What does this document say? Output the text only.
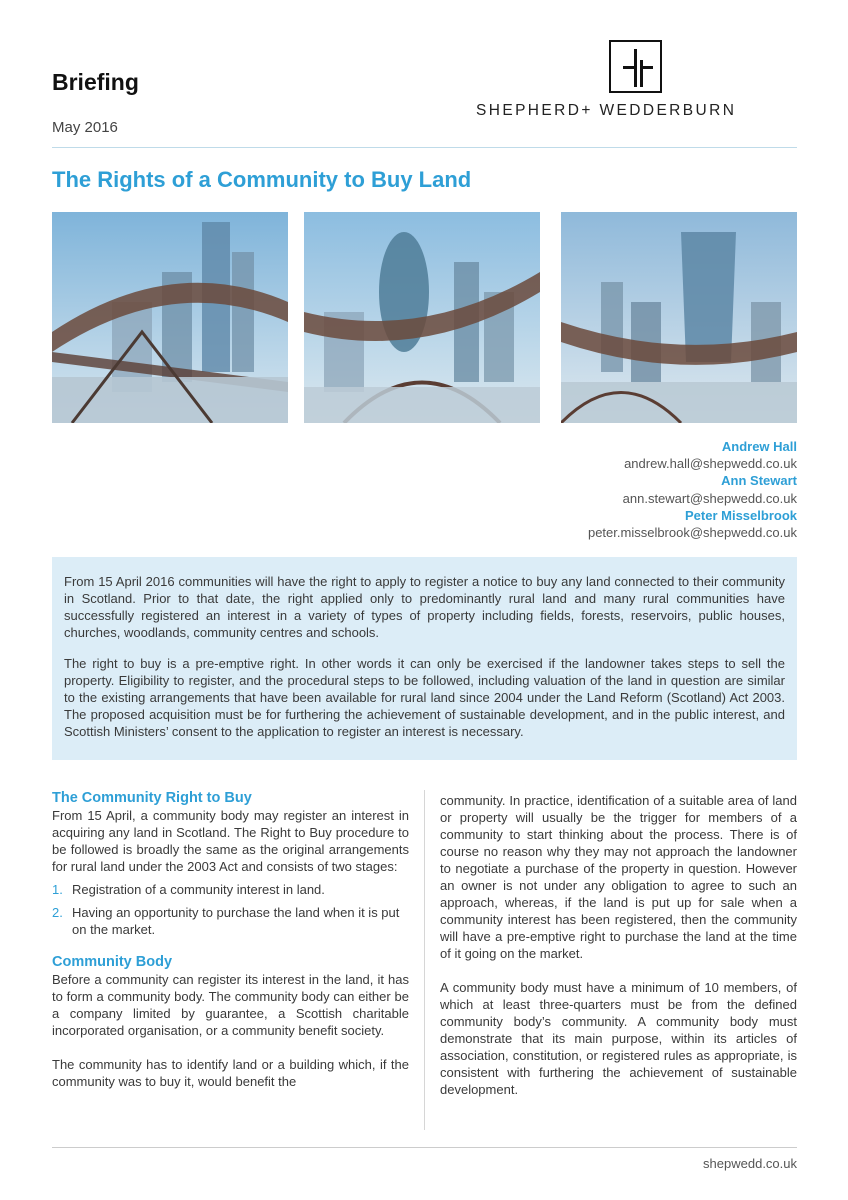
Briefing
May 2016
SHEPHERD+ WEDDERBURN
The Rights of a Community to Buy Land
Andrew Hall
andrew.hall@shepwedd.co.uk
Ann Stewart
ann.stewart@shepwedd.co.uk
Peter Misselbrook
peter.misselbrook@shepwedd.co.uk

From 15 April 2016 communities will have the right to apply to register a notice to buy any land connected to their community in Scotland. Prior to that date, the right applied only to predominantly rural land and many rural communities have successfully registered an interest in a variety of types of property including fields, forests, reservoirs, public houses, churches, woodlands, community centres and schools.

The right to buy is a pre-emptive right. In other words it can only be exercised if the landowner takes steps to sell the property. Eligibility to register, and the procedural steps to be followed, including valuation of the land in question are similar to the existing arrangements that have been available for rural land since 2004 under the Land Reform (Scotland) Act 2003. The proposed acquisition must be for furthering the achievement of sustainable development, and in the public interest, and Scottish Ministers’ consent to the application to register an interest is necessary.

The Community Right to Buy

From 15 April, a community body may register an interest in acquiring any land in Scotland. The Right to Buy procedure to be followed is broadly the same as the original arrangements for rural land under the 2003 Act and consists of two stages:

1. Registration of a community interest in land.
2. Having an opportunity to purchase the land when it is put on the market.
Community Body

Before a community can register its interest in the land, it has to form a community body. The community body can either be a company limited by guarantee, a Scottish charitable incorporated organisation, or a community benefit society.

The community has to identify land or a building which, if the community was to buy it, would benefit the

community. In practice, identification of a suitable area of land or property will usually be the trigger for members of a community to start thinking about the process. There is of course no reason why they may not approach the landowner to negotiate a purchase of the property in question. However an owner is not under any obligation to agree to such an approach, whereas, if the land is put up for sale when a community interest has been registered, then the community will have a pre-emptive right to purchase the land at the time of it going on the market.

A community body must have a minimum of 10 members, of which at least three-quarters must be from the defined community body’s community. A community body must demonstrate that its main purpose, within its articles of association, constitution, or registered rules as appropriate, is consistent with furthering the achievement of sustainable development.

shepwedd.co.uk
